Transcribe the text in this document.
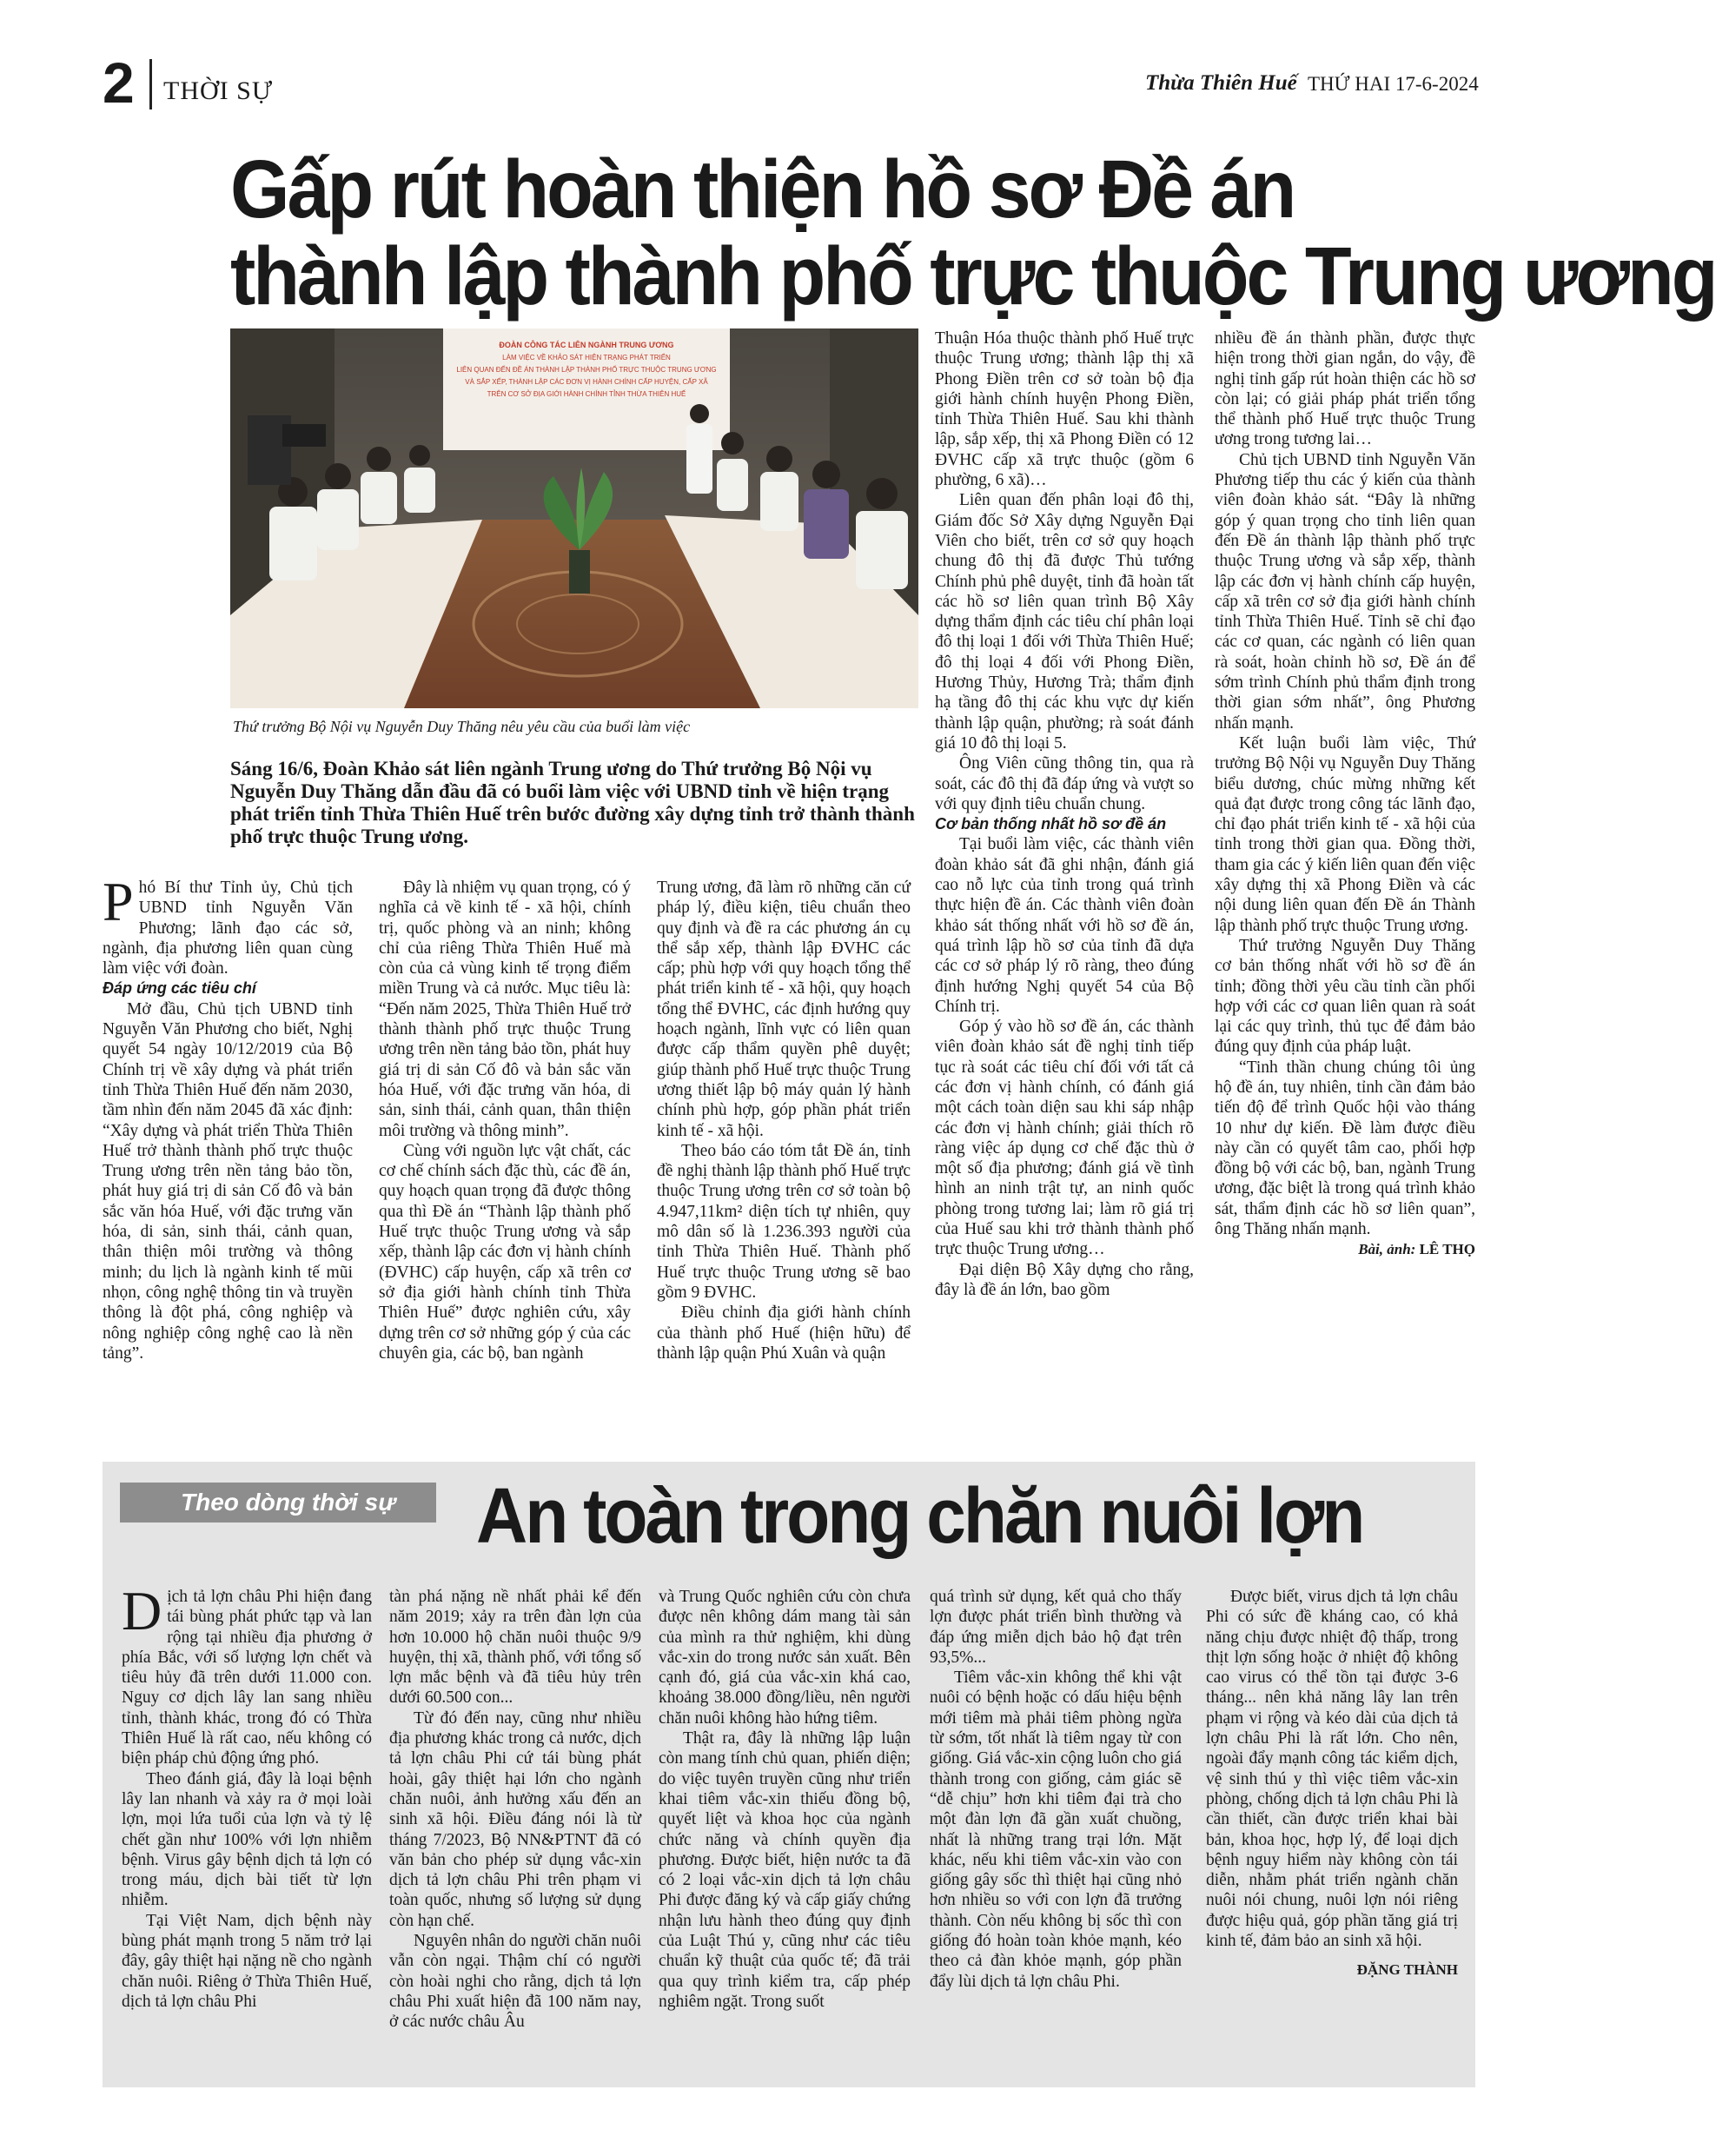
2 THỜI SỰ	Thừa Thiên Huế THỨ HAI 17-6-2024
Gấp rút hoàn thiện hồ sơ Đề án
thành lập thành phố trực thuộc Trung ương
ĐOÀN CÔNG TÁC LIÊN NGÀNH TRUNG ƯƠNG
LÀM VIỆC VỀ KHẢO SÁT HIỆN TRẠNG PHÁT TRIỂN
LIÊN QUAN ĐẾN ĐỀ ÁN THÀNH LẬP THÀNH PHỐ TRỰC THUỘC TRUNG ƯƠNG
VÀ SẮP XẾP, THÀNH LẬP CÁC ĐƠN VỊ HÀNH CHÍNH CẤP HUYỆN, CẤP XÃ
TRÊN CƠ SỞ ĐỊA GIỚI HÀNH CHÍNH TỈNH THỪA THIÊN HUẾ
Thứ trưởng Bộ Nội vụ Nguyễn Duy Thăng nêu yêu cầu của buổi làm việc
Sáng 16/6, Đoàn Khảo sát liên ngành Trung ương do Thứ trưởng Bộ Nội vụ Nguyễn Duy Thăng dẫn đầu đã có buổi làm việc với UBND tỉnh về hiện trạng phát triển tỉnh Thừa Thiên Huế trên bước đường xây dựng tỉnh trở thành thành phố trực thuộc Trung ương.

Phó Bí thư Tỉnh ủy, Chủ tịch UBND tỉnh Nguyễn Văn Phương; lãnh đạo các sở, ngành, địa phương liên quan cùng làm việc với đoàn.

Đáp ứng các tiêu chí

Mở đầu, Chủ tịch UBND tỉnh Nguyễn Văn Phương cho biết, Nghị quyết 54 ngày 10/12/2019 của Bộ Chính trị về xây dựng và phát triển tỉnh Thừa Thiên Huế đến năm 2030, tầm nhìn đến năm 2045 đã xác định: “Xây dựng và phát triển Thừa Thiên Huế trở thành thành phố trực thuộc Trung ương trên nền tảng bảo tồn, phát huy giá trị di sản Cố đô và bản sắc văn hóa Huế, với đặc trưng văn hóa, di sản, sinh thái, cảnh quan, thân thiện môi trường và thông minh; du lịch là ngành kinh tế mũi nhọn, công nghệ thông tin và truyền thông là đột phá, công nghiệp và nông nghiệp công nghệ cao là nền tảng”.

Đây là nhiệm vụ quan trọng, có ý nghĩa cả về kinh tế - xã hội, chính trị, quốc phòng và an ninh; không chỉ của riêng Thừa Thiên Huế mà còn của cả vùng kinh tế trọng điểm miền Trung và cả nước. Mục tiêu là: “Đến năm 2025, Thừa Thiên Huế trở thành thành phố trực thuộc Trung ương trên nền tảng bảo tồn, phát huy giá trị di sản Cố đô và bản sắc văn hóa Huế, với đặc trưng văn hóa, di sản, sinh thái, cảnh quan, thân thiện môi trường và thông minh”.

Cùng với nguồn lực vật chất, các cơ chế chính sách đặc thù, các đề án, quy hoạch quan trọng đã được thông qua thì Đề án “Thành lập thành phố Huế trực thuộc Trung ương và sắp xếp, thành lập các đơn vị hành chính (ĐVHC) cấp huyện, cấp xã trên cơ sở địa giới hành chính tỉnh Thừa Thiên Huế” được nghiên cứu, xây dựng trên cơ sở những góp ý của các chuyên gia, các bộ, ban ngành

Trung ương, đã làm rõ những căn cứ pháp lý, điều kiện, tiêu chuẩn theo quy định và đề ra các phương án cụ thể sắp xếp, thành lập ĐVHC các cấp; phù hợp với quy hoạch tổng thể phát triển kinh tế - xã hội, quy hoạch tổng thể ĐVHC, các định hướng quy hoạch ngành, lĩnh vực có liên quan được cấp thẩm quyền phê duyệt; giúp thành phố Huế trực thuộc Trung ương thiết lập bộ máy quản lý hành chính phù hợp, góp phần phát triển kinh tế - xã hội.

Theo báo cáo tóm tắt Đề án, tỉnh đề nghị thành lập thành phố Huế trực thuộc Trung ương trên cơ sở toàn bộ 4.947,11km² diện tích tự nhiên, quy mô dân số là 1.236.393 người của tỉnh Thừa Thiên Huế. Thành phố Huế trực thuộc Trung ương sẽ bao gồm 9 ĐVHC.

Điều chỉnh địa giới hành chính của thành phố Huế (hiện hữu) để thành lập quận Phú Xuân và quận

Thuận Hóa thuộc thành phố Huế trực thuộc Trung ương; thành lập thị xã Phong Điền trên cơ sở toàn bộ địa giới hành chính huyện Phong Điền, tỉnh Thừa Thiên Huế. Sau khi thành lập, sắp xếp, thị xã Phong Điền có 12 ĐVHC cấp xã trực thuộc (gồm 6 phường, 6 xã)…

Liên quan đến phân loại đô thị, Giám đốc Sở Xây dựng Nguyễn Đại Viên cho biết, trên cơ sở quy hoạch chung đô thị đã được Thủ tướng Chính phủ phê duyệt, tỉnh đã hoàn tất các hồ sơ liên quan trình Bộ Xây dựng thẩm định các tiêu chí phân loại đô thị loại 1 đối với Thừa Thiên Huế; đô thị loại 4 đối với Phong Điền, Hương Thủy, Hương Trà; thẩm định hạ tầng đô thị các khu vực dự kiến thành lập quận, phường; rà soát đánh giá 10 đô thị loại 5.

Ông Viên cũng thông tin, qua rà soát, các đô thị đã đáp ứng và vượt so với quy định tiêu chuẩn chung.

Cơ bản thống nhất hồ sơ đề án

Tại buổi làm việc, các thành viên đoàn khảo sát đã ghi nhận, đánh giá cao nỗ lực của tỉnh trong quá trình thực hiện đề án. Các thành viên đoàn khảo sát thống nhất với hồ sơ đề án, quá trình lập hồ sơ của tỉnh đã dựa các cơ sở pháp lý rõ ràng, theo đúng định hướng Nghị quyết 54 của Bộ Chính trị.

Góp ý vào hồ sơ đề án, các thành viên đoàn khảo sát đề nghị tỉnh tiếp tục rà soát các tiêu chí đối với tất cả các đơn vị hành chính, có đánh giá một cách toàn diện sau khi sáp nhập các đơn vị hành chính; giải thích rõ ràng việc áp dụng cơ chế đặc thù ở một số địa phương; đánh giá về tình hình an ninh trật tự, an ninh quốc phòng trong tương lai; làm rõ giá trị của Huế sau khi trở thành thành phố trực thuộc Trung ương…

Đại diện Bộ Xây dựng cho rằng, đây là đề án lớn, bao gồm

nhiều đề án thành phần, được thực hiện trong thời gian ngắn, do vậy, đề nghị tỉnh gấp rút hoàn thiện các hồ sơ còn lại; có giải pháp phát triển tổng thể thành phố Huế trực thuộc Trung ương trong tương lai…

Chủ tịch UBND tỉnh Nguyễn Văn Phương tiếp thu các ý kiến của thành viên đoàn khảo sát. “Đây là những góp ý quan trọng cho tỉnh liên quan đến Đề án thành lập thành phố trực thuộc Trung ương và sắp xếp, thành lập các đơn vị hành chính cấp huyện, cấp xã trên cơ sở địa giới hành chính tỉnh Thừa Thiên Huế. Tỉnh sẽ chỉ đạo các cơ quan, các ngành có liên quan rà soát, hoàn chỉnh hồ sơ, Đề án để sớm trình Chính phủ thẩm định trong thời gian sớm nhất”, ông Phương nhấn mạnh.

Kết luận buổi làm việc, Thứ trưởng Bộ Nội vụ Nguyễn Duy Thăng biểu dương, chúc mừng những kết quả đạt được trong công tác lãnh đạo, chỉ đạo phát triển kinh tế - xã hội của tỉnh trong thời gian qua. Đồng thời, tham gia các ý kiến liên quan đến việc xây dựng thị xã Phong Điền và các nội dung liên quan đến Đề án Thành lập thành phố trực thuộc Trung ương.

Thứ trưởng Nguyễn Duy Thăng cơ bản thống nhất với hồ sơ đề án tỉnh; đồng thời yêu cầu tỉnh cần phối hợp với các cơ quan liên quan rà soát lại các quy trình, thủ tục để đảm bảo đúng quy định của pháp luật.

“Tinh thần chung chúng tôi ủng hộ đề án, tuy nhiên, tỉnh cần đảm bảo tiến độ để trình Quốc hội vào tháng 10 như dự kiến. Đề làm được điều này cần có quyết tâm cao, phối hợp đồng bộ với các bộ, ban, ngành Trung ương, đặc biệt là trong quá trình khảo sát, thẩm định các hồ sơ liên quan”, ông Thăng nhấn mạnh.

Bài, ảnh: LÊ THỌ

Theo dòng thời sự	An toàn trong chăn nuôi lợn

Dịch tả lợn châu Phi hiện đang tái bùng phát phức tạp và lan rộng tại nhiều địa phương ở phía Bắc, với số lượng lợn chết và tiêu hủy đã trên dưới 11.000 con. Nguy cơ dịch lây lan sang nhiều tỉnh, thành khác, trong đó có Thừa Thiên Huế là rất cao, nếu không có biện pháp chủ động ứng phó.

Theo đánh giá, đây là loại bệnh lây lan nhanh và xảy ra ở mọi loài lợn, mọi lứa tuổi của lợn và tỷ lệ chết gần như 100% với lợn nhiễm bệnh. Virus gây bệnh dịch tả lợn có trong máu, dịch bài tiết từ lợn nhiễm.

Tại Việt Nam, dịch bệnh này bùng phát mạnh trong 5 năm trở lại đây, gây thiệt hại nặng nề cho ngành chăn nuôi. Riêng ở Thừa Thiên Huế, dịch tả lợn châu Phi

tàn phá nặng nề nhất phải kể đến năm 2019; xảy ra trên đàn lợn của hơn 10.000 hộ chăn nuôi thuộc 9/9 huyện, thị xã, thành phố, với tổng số lợn mắc bệnh và đã tiêu hủy trên dưới 60.500 con...

Từ đó đến nay, cũng như nhiều địa phương khác trong cả nước, dịch tả lợn châu Phi cứ tái bùng phát hoài, gây thiệt hại lớn cho ngành chăn nuôi, ảnh hưởng xấu đến an sinh xã hội. Điều đáng nói là từ tháng 7/2023, Bộ NN&PTNT đã có văn bản cho phép sử dụng vắc-xin dịch tả lợn châu Phi trên phạm vi toàn quốc, nhưng số lượng sử dụng còn hạn chế.

Nguyên nhân do người chăn nuôi vẫn còn ngại. Thậm chí có người còn hoài nghi cho rằng, dịch tả lợn châu Phi xuất hiện đã 100 năm nay, ở các nước châu Âu

và Trung Quốc nghiên cứu còn chưa được nên không dám mang tài sản của mình ra thử nghiệm, khi dùng vắc-xin do trong nước sản xuất. Bên cạnh đó, giá của vắc-xin khá cao, khoảng 38.000 đồng/liều, nên người chăn nuôi không hào hứng tiêm.

Thật ra, đây là những lập luận còn mang tính chủ quan, phiến diện; do việc tuyên truyền cũng như triển khai tiêm vắc-xin thiếu đồng bộ, quyết liệt và khoa học của ngành chức năng và chính quyền địa phương. Được biết, hiện nước ta đã có 2 loại vắc-xin dịch tả lợn châu Phi được đăng ký và cấp giấy chứng nhận lưu hành theo đúng quy định của Luật Thú y, cũng như các tiêu chuẩn kỹ thuật của quốc tế; đã trải qua quy trình kiểm tra, cấp phép nghiêm ngặt. Trong suốt

quá trình sử dụng, kết quả cho thấy lợn được phát triển bình thường và đáp ứng miễn dịch bảo hộ đạt trên 93,5%...

Tiêm vắc-xin không thể khi vật nuôi có bệnh hoặc có dấu hiệu bệnh mới tiêm mà phải tiêm phòng ngừa từ sớm, tốt nhất là tiêm ngay từ con giống. Giá vắc-xin cộng luôn cho giá thành trong con giống, cảm giác sẽ “dễ chịu” hơn khi tiêm đại trà cho một đàn lợn đã gần xuất chuồng, nhất là những trang trại lớn. Mặt khác, nếu khi tiêm vắc-xin vào con giống gây sốc thì thiệt hại cũng nhỏ hơn nhiều so với con lợn đã trưởng thành. Còn nếu không bị sốc thì con giống đó hoàn toàn khỏe mạnh, kéo theo cả đàn khỏe mạnh, góp phần đẩy lùi dịch tả lợn châu Phi.

Được biết, virus dịch tả lợn châu Phi có sức đề kháng cao, có khả năng chịu được nhiệt độ thấp, trong thịt lợn sống hoặc ở nhiệt độ không cao virus có thể tồn tại được 3-6 tháng... nên khả năng lây lan trên phạm vi rộng và kéo dài của dịch tả lợn châu Phi là rất lớn. Cho nên, ngoài đẩy mạnh công tác kiểm dịch, vệ sinh thú y thì việc tiêm vắc-xin phòng, chống dịch tả lợn châu Phi là cần thiết, cần được triển khai bài bản, khoa học, hợp lý, để loại dịch bệnh nguy hiểm này không còn tái diễn, nhằm phát triển ngành chăn nuôi nói chung, nuôi lợn nói riêng được hiệu quả, góp phần tăng giá trị kinh tế, đảm bảo an sinh xã hội.

ĐẶNG THÀNH
